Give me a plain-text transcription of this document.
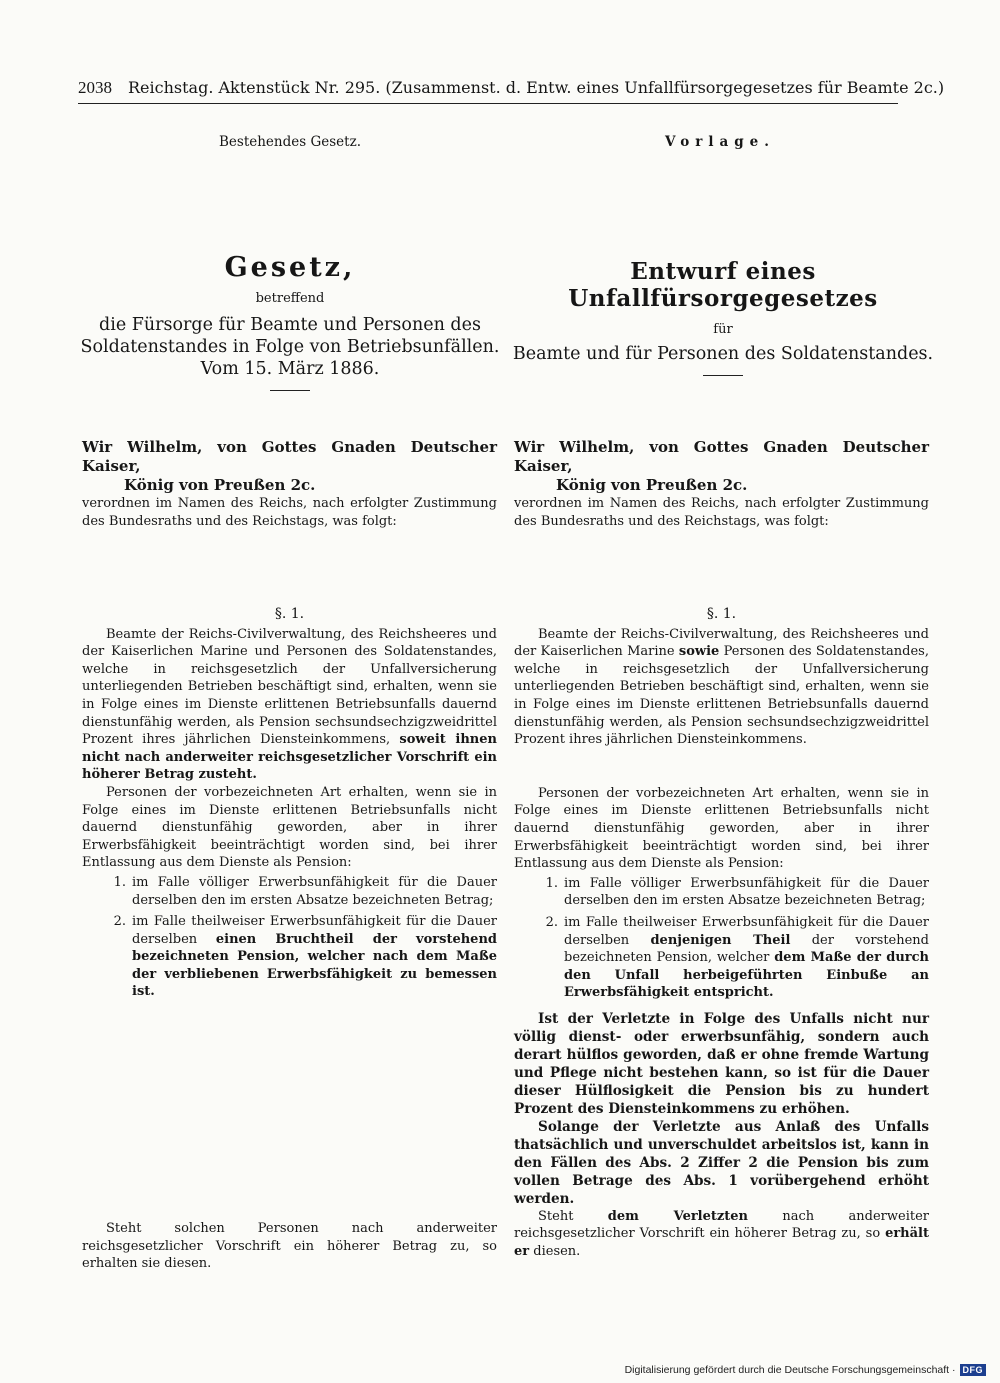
2038 Reichstag. Aktenstück Nr. 295. (Zusammenst. d. Entw. eines Unfallfürsorgegesetzes für Beamte 2c.)
Bestehendes Gesetz.	Vorlage.
Gesetz,
betreffend
die Fürsorge für Beamte und Personen des Soldatenstandes in Folge von Betriebsunfällen.
Vom 15. März 1886.
Entwurf eines Unfallfürsorgegesetzes
für
Beamte und für Personen des Soldatenstandes.
Wir Wilhelm, von Gottes Gnaden Deutscher Kaiser,
König von Preußen 2c.
verordnen im Namen des Reichs, nach erfolgter Zustimmung des Bundesraths und des Reichstags, was folgt:
Wir Wilhelm, von Gottes Gnaden Deutscher Kaiser,
König von Preußen 2c.
verordnen im Namen des Reichs, nach erfolgter Zustimmung des Bundesraths und des Reichstags, was folgt:
§. 1.

Beamte der Reichs-Civilverwaltung, des Reichsheeres und der Kaiserlichen Marine und Personen des Soldatenstandes, welche in reichsgesetzlich der Unfallversicherung unterliegenden Betrieben beschäftigt sind, erhalten, wenn sie in Folge eines im Dienste erlittenen Betriebsunfalls dauernd dienstunfähig werden, als Pension sechsundsechzigzweidrittel Prozent ihres jährlichen Diensteinkommens, soweit ihnen nicht nach anderweiter reichsgesetzlicher Vorschrift ein höherer Betrag zusteht.

Personen der vorbezeichneten Art erhalten, wenn sie in Folge eines im Dienste erlittenen Betriebsunfalls nicht dauernd dienstunfähig geworden, aber in ihrer Erwerbsfähigkeit beeinträchtigt worden sind, bei ihrer Entlassung aus dem Dienste als Pension:

1. im Falle völliger Erwerbsunfähigkeit für die Dauer derselben den im ersten Absatze bezeichneten Betrag;
2. im Falle theilweiser Erwerbsunfähigkeit für die Dauer derselben einen Bruchtheil der vorstehend bezeichneten Pension, welcher nach dem Maße der verbliebenen Erwerbsfähigkeit zu bemessen ist.

Steht solchen Personen nach anderweiter reichsgesetzlicher Vorschrift ein höherer Betrag zu, so erhalten sie diesen.

§. 1.

Beamte der Reichs-Civilverwaltung, des Reichsheeres und der Kaiserlichen Marine sowie Personen des Soldatenstandes, welche in reichsgesetzlich der Unfallversicherung unterliegenden Betrieben beschäftigt sind, erhalten, wenn sie in Folge eines im Dienste erlittenen Betriebsunfalls dauernd dienstunfähig werden, als Pension sechsundsechzigzweidrittel Prozent ihres jährlichen Diensteinkommens.

Personen der vorbezeichneten Art erhalten, wenn sie in Folge eines im Dienste erlittenen Betriebsunfalls nicht dauernd dienstunfähig geworden, aber in ihrer Erwerbsfähigkeit beeinträchtigt worden sind, bei ihrer Entlassung aus dem Dienste als Pension:

1. im Falle völliger Erwerbsunfähigkeit für die Dauer derselben den im ersten Absatze bezeichneten Betrag;
2. im Falle theilweiser Erwerbsunfähigkeit für die Dauer derselben denjenigen Theil der vorstehend bezeichneten Pension, welcher dem Maße der durch den Unfall herbeigeführten Einbuße an Erwerbsfähigkeit entspricht.

Ist der Verletzte in Folge des Unfalls nicht nur völlig dienst- oder erwerbsunfähig, sondern auch derart hülflos geworden, daß er ohne fremde Wartung und Pflege nicht bestehen kann, so ist für die Dauer dieser Hülflosigkeit die Pension bis zu hundert Prozent des Diensteinkommens zu erhöhen.

Solange der Verletzte aus Anlaß des Unfalls thatsächlich und unverschuldet arbeitslos ist, kann in den Fällen des Abs. 2 Ziffer 2 die Pension bis zum vollen Betrage des Abs. 1 vorübergehend erhöht werden.

Steht	dem Verletzten	nach anderweiter reichsgesetzlicher Vorschrift ein höherer Betrag zu, so erhält er diesen.

Digitalisierung gefördert durch die Deutsche Forschungsgemeinschaft · DFG
